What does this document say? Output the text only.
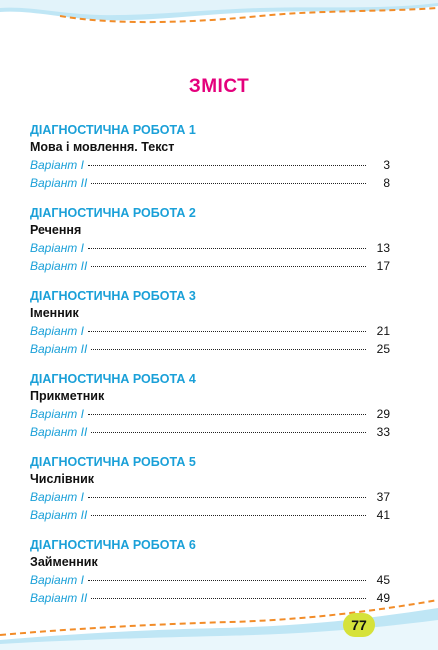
ЗМІСТ
ДІАГНОСТИЧНА РОБОТА 1
Мова і мовлення. Текст
Варіант І	3
Варіант ІІ	8
ДІАГНОСТИЧНА РОБОТА 2
Речення
Варіант І	13
Варіант ІІ	17
ДІАГНОСТИЧНА РОБОТА 3
Іменник
Варіант І	21
Варіант ІІ	25
ДІАГНОСТИЧНА РОБОТА 4
Прикметник
Варіант І	29
Варіант ІІ	33
ДІАГНОСТИЧНА РОБОТА 5
Числівник
Варіант І	37
Варіант ІІ	41
ДІАГНОСТИЧНА РОБОТА 6
Займенник
Варіант І	45
Варіант ІІ	49
77
